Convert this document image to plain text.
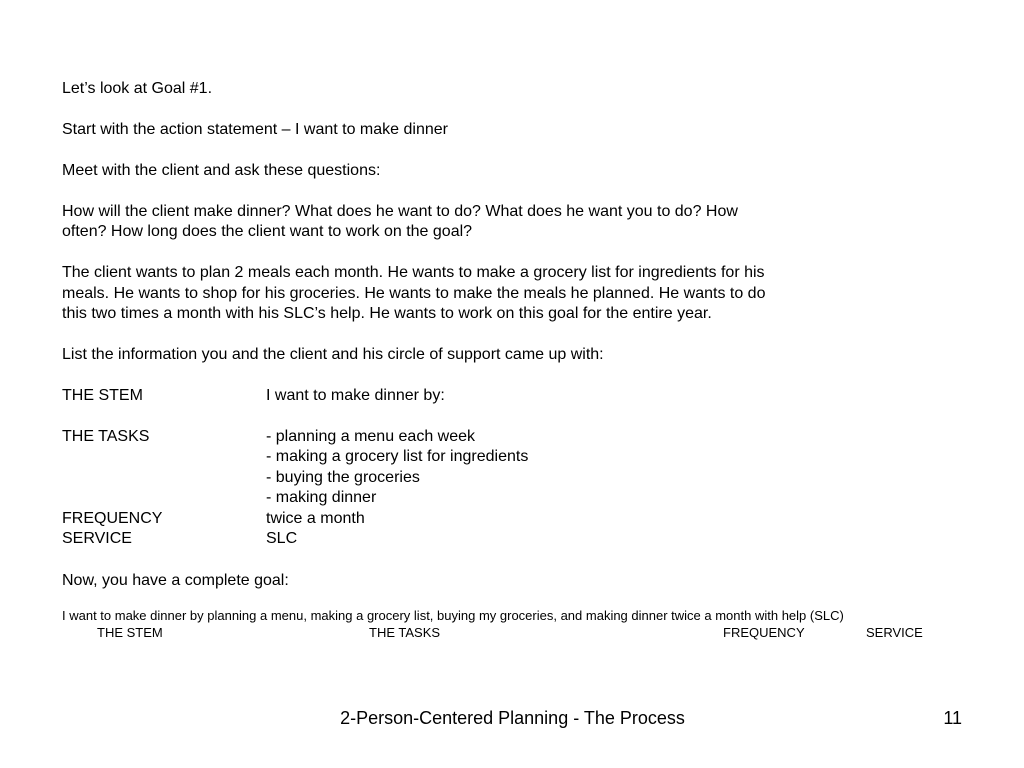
Let’s look at Goal #1.
Start with the action statement – I want to make dinner
Meet with the client and ask these questions:
How will the client make dinner? What does he want to do? What does he want you to do? How
often? How long does the client want to work on the goal?
The client wants to plan 2 meals each month. He wants to make a grocery list for ingredients for his
meals. He wants to shop for his groceries. He wants to make the meals he planned. He wants to do
this two times a month with his SLC’s help. He wants to work on this goal for the entire year.
List the information you and the client and his circle of support came up with:
THE STEM	I want to make dinner by:
THE TASKS	- planning a menu each week
- making a grocery list for ingredients
- buying the groceries
- making dinner
FREQUENCY	twice a month
SERVICE	SLC
Now, you have a complete goal:
I want to make dinner by planning a menu, making a grocery list, buying my groceries, and making dinner twice a month with help (SLC)
THE STEM	THE TASKS	FREQUENCY	SERVICE
2-Person-Centered Planning - The Process	11
